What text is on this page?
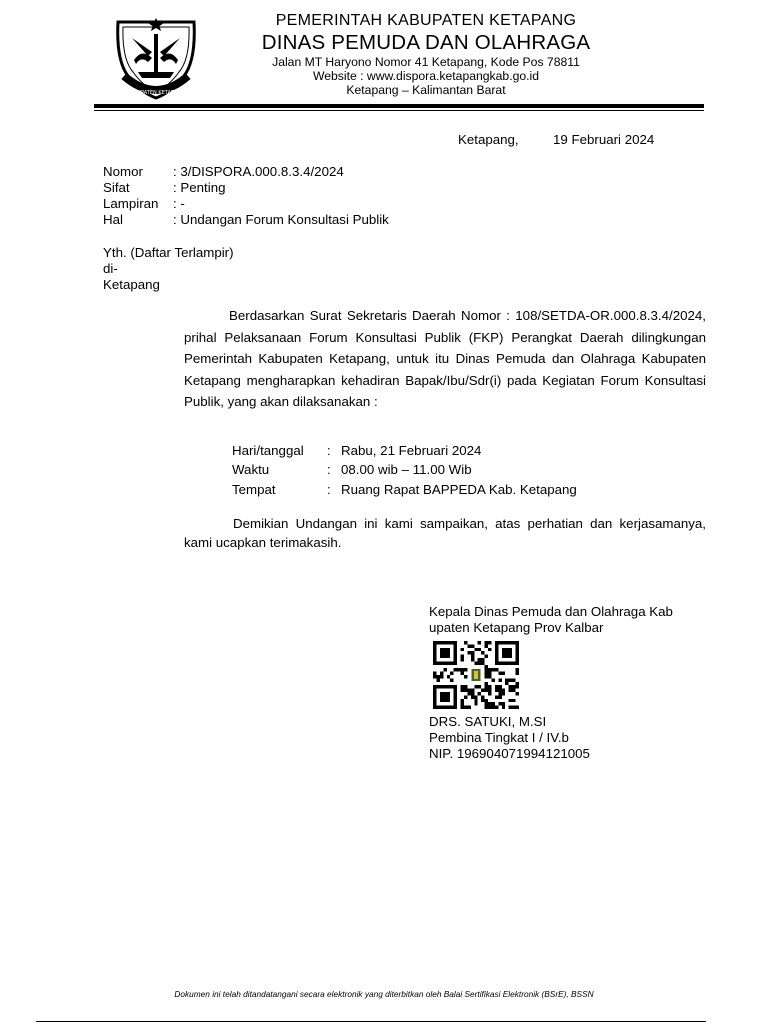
KABUPATEN KETAPANG
PEMERINTAH KABUPATEN KETAPANG
DINAS PEMUDA DAN OLAHRAGA
Jalan MT Haryono Nomor 41 Ketapang, Kode Pos 78811
Website : www.dispora.ketapangkab.go.id
Ketapang – Kalimantan Barat
Ketapang,	19 Februari 2024
Nomor : 3/DISPORA.000.8.3.4/2024
Sifat	: Penting
Lampiran : -
Hal	: Undangan Forum Konsultasi Publik
Yth. (Daftar Terlampir)
di-
Ketapang
Berdasarkan Surat Sekretaris Daerah Nomor : 108/SETDA-OR.000.8.3.4/2024, prihal Pelaksanaan Forum Konsultasi Publik (FKP) Perangkat Daerah dilingkungan Pemerintah Kabupaten Ketapang, untuk itu Dinas Pemuda dan Olahraga Kabupaten Ketapang mengharapkan kehadiran Bapak/Ibu/Sdr(i) pada Kegiatan Forum Konsultasi Publik, yang akan dilaksanakan :
Hari/tanggal : Rabu, 21 Februari 2024
Waktu	: 08.00 wib – 11.00 Wib
Tempat	: Ruang Rapat BAPPEDA Kab. Ketapang
Demikian Undangan ini kami sampaikan, atas perhatian dan kerjasamanya, kami ucapkan terimakasih.
Kepala Dinas Pemuda dan Olahraga Kab
upaten Ketapang Prov Kalbar
DRS. SATUKI, M.SI
Pembina Tingkat I / IV.b
NIP. 196904071994121005
Dokumen ini telah ditandatangani secara elektronik yang diterbitkan oleh Balai Sertifikasi Elektronik (BSrE), BSSN
